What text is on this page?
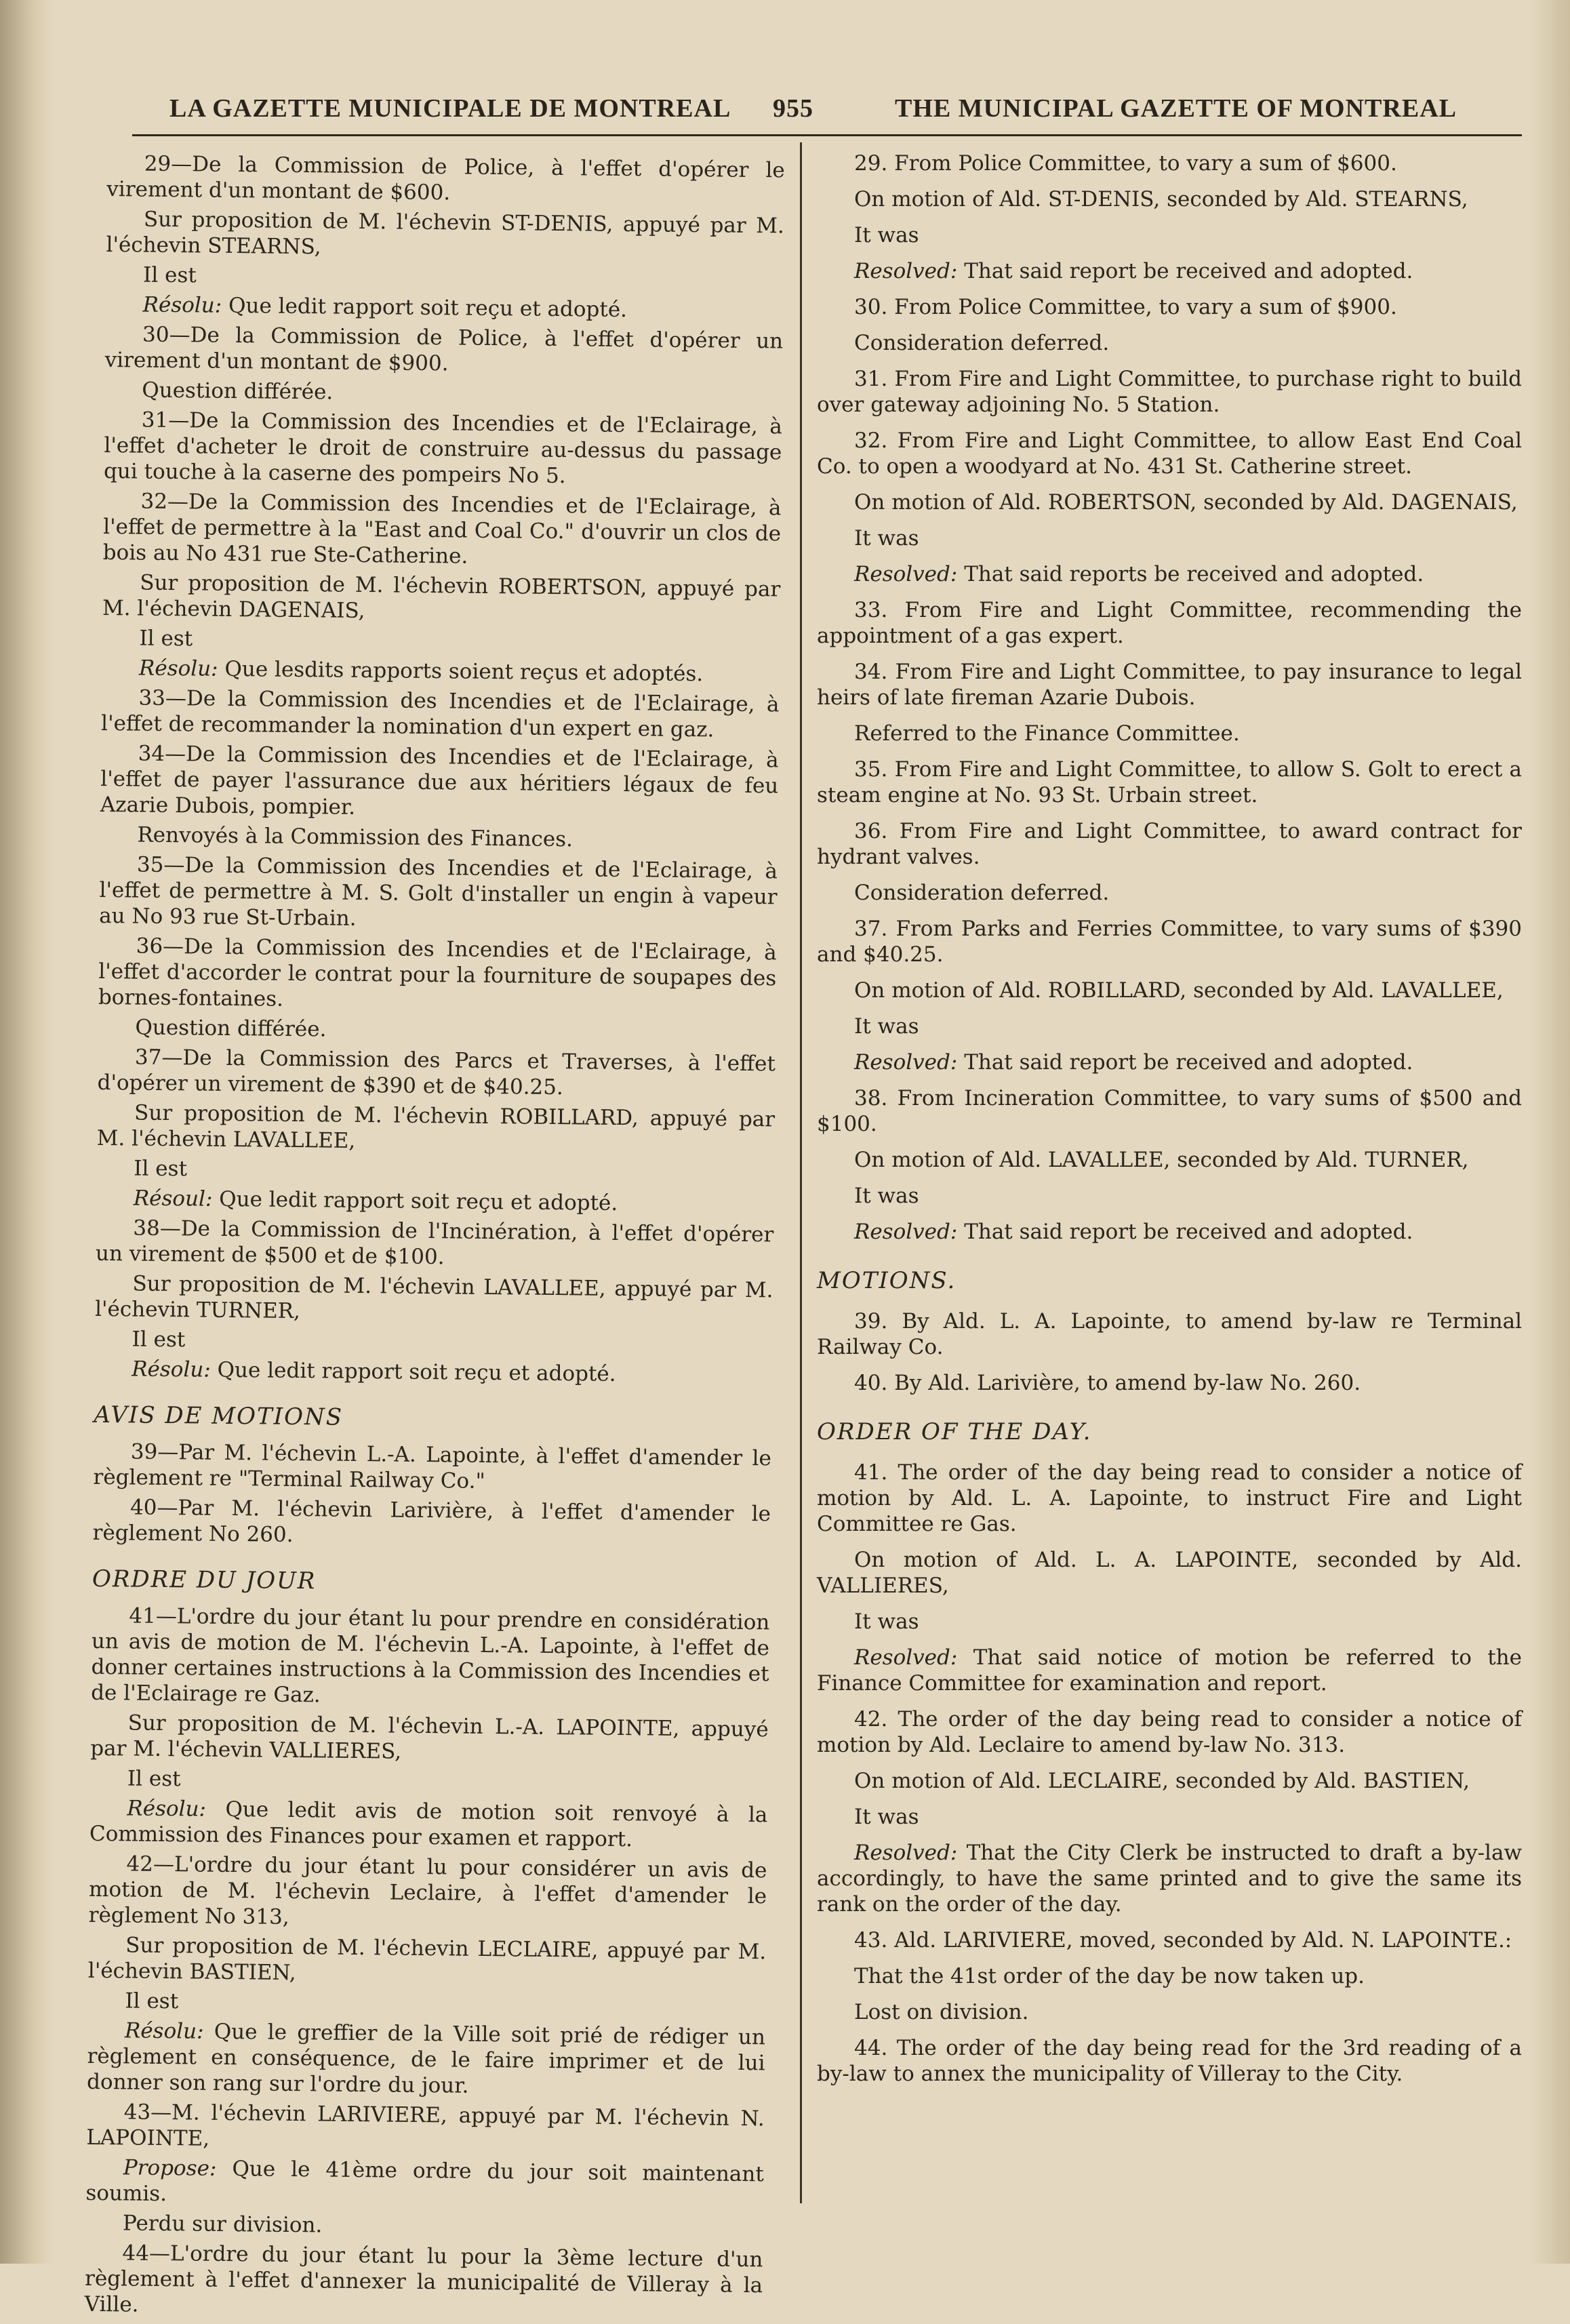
LA GAZETTE MUNICIPALE DE MONTREAL 955	THE MUNICIPAL GAZETTE OF MONTREAL

29—De la Commission de Police, à l'effet d'opérer le virement d'un montant de $600.

Sur proposition de M. l'échevin ST-DENIS, appuyé par M. l'échevin STEARNS,

Il est

Résolu: Que ledit rapport soit reçu et adopté.

30—De la Commission de Police, à l'effet d'opérer un virement d'un montant de $900.

Question différée.

31—De la Commission des Incendies et de l'Eclairage, à l'effet d'acheter le droit de construire au-dessus du passage qui touche à la caserne des pompeirs No 5.

32—De la Commission des Incendies et de l'Eclairage, à l'effet de permettre à la "East and Coal Co." d'ouvrir un clos de bois au No 431 rue Ste-Catherine.

Sur proposition de M. l'échevin ROBERTSON, appuyé par M. l'échevin DAGENAIS,

Il est

Résolu: Que lesdits rapports soient reçus et adoptés.

33—De la Commission des Incendies et de l'Eclairage, à l'effet de recommander la nomination d'un expert en gaz.

34—De la Commission des Incendies et de l'Eclairage, à l'effet de payer l'assurance due aux héritiers légaux de feu Azarie Dubois, pompier.

Renvoyés à la Commission des Finances.

35—De la Commission des Incendies et de l'Eclairage, à l'effet de permettre à M. S. Golt d'installer un engin à vapeur au No 93 rue St-Urbain.

36—De la Commission des Incendies et de l'Eclairage, à l'effet d'accorder le contrat pour la fourniture de soupapes des bornes-fontaines.

Question différée.

37—De la Commission des Parcs et Traverses, à l'effet d'opérer un virement de $390 et de $40.25.

Sur proposition de M. l'échevin ROBILLARD, appuyé par M. l'échevin LAVALLEE,

Il est

Résoul: Que ledit rapport soit reçu et adopté.

38—De la Commission de l'Incinération, à l'effet d'opérer un virement de $500 et de $100.

Sur proposition de M. l'échevin LAVALLEE, appuyé par M. l'échevin TURNER,

Il est

Résolu: Que ledit rapport soit reçu et adopté.

AVIS DE MOTIONS

39—Par M. l'échevin L.-A. Lapointe, à l'effet d'amender le règlement re "Terminal Railway Co."

40—Par M. l'échevin Larivière, à l'effet d'amender le règlement No 260.

ORDRE DU JOUR

41—L'ordre du jour étant lu pour prendre en considération un avis de motion de M. l'échevin L.-A. Lapointe, à l'effet de donner certaines instructions à la Commission des Incendies et de l'Eclairage re Gaz.

Sur proposition de M. l'échevin L.-A. LAPOINTE, appuyé par M. l'échevin VALLIERES,

Il est

Résolu: Que ledit avis de motion soit renvoyé à la Commission des Finances pour examen et rapport.

42—L'ordre du jour étant lu pour considérer un avis de motion de M. l'échevin Leclaire, à l'effet d'amender le règlement No 313,

Sur proposition de M. l'échevin LECLAIRE, appuyé par M. l'échevin BASTIEN,

Il est

Résolu: Que le greffier de la Ville soit prié de rédiger un règlement en conséquence, de le faire imprimer et de lui donner son rang sur l'ordre du jour.

43—M. l'échevin LARIVIERE, appuyé par M. l'échevin N. LAPOINTE,

Propose: Que le 41ème ordre du jour soit maintenant soumis.

Perdu sur division.

44—L'ordre du jour étant lu pour la 3ème lecture d'un règlement à l'effet d'annexer la municipalité de Villeray à la Ville.

29. From Police Committee, to vary a sum of $600.

On motion of Ald. ST-DENIS, seconded by Ald. STEARNS,

It was

Resolved: That said report be received and adopted.

30. From Police Committee, to vary a sum of $900.

Consideration deferred.

31. From Fire and Light Committee, to purchase right to build over gateway adjoining No. 5 Station.

32. From Fire and Light Committee, to allow East End Coal Co. to open a woodyard at No. 431 St. Catherine street.

On motion of Ald. ROBERTSON, seconded by Ald. DAGENAIS,

It was

Resolved: That said reports be received and adopted.

33. From Fire and Light Committee, recommending the appointment of a gas expert.

34. From Fire and Light Committee, to pay insurance to legal heirs of late fireman Azarie Dubois.

Referred to the Finance Committee.

35. From Fire and Light Committee, to allow S. Golt to erect a steam engine at No. 93 St. Urbain street.

36. From Fire and Light Committee, to award contract for hydrant valves.

Consideration deferred.

37. From Parks and Ferries Committee, to vary sums of $390 and $40.25.

On motion of Ald. ROBILLARD, seconded by Ald. LAVALLEE,

It was

Resolved: That said report be received and adopted.

38. From Incineration Committee, to vary sums of $500 and $100.

On motion of Ald. LAVALLEE, seconded by Ald. TURNER,

It was

Resolved: That said report be received and adopted.

MOTIONS.

39. By Ald. L. A. Lapointe, to amend by-law re Terminal Railway Co.

40. By Ald. Larivière, to amend by-law No. 260.

ORDER OF THE DAY.

41. The order of the day being read to consider a notice of motion by Ald. L. A. Lapointe, to instruct Fire and Light Committee re Gas.

On motion of Ald. L. A. LAPOINTE, seconded by Ald. VALLIERES,

It was

Resolved: That said notice of motion be referred to the Finance Committee for examination and report.

42. The order of the day being read to consider a notice of motion by Ald. Leclaire to amend by-law No. 313.

On motion of Ald. LECLAIRE, seconded by Ald. BASTIEN,

It was

Resolved: That the City Clerk be instructed to draft a by-law accordingly, to have the same printed and to give the same its rank on the order of the day.

43. Ald. LARIVIERE, moved, seconded by Ald. N. LAPOINTE.:

That the 41st order of the day be now taken up.

Lost on division.

44. The order of the day being read for the 3rd reading of a by-law to annex the municipality of Villeray to the City.
